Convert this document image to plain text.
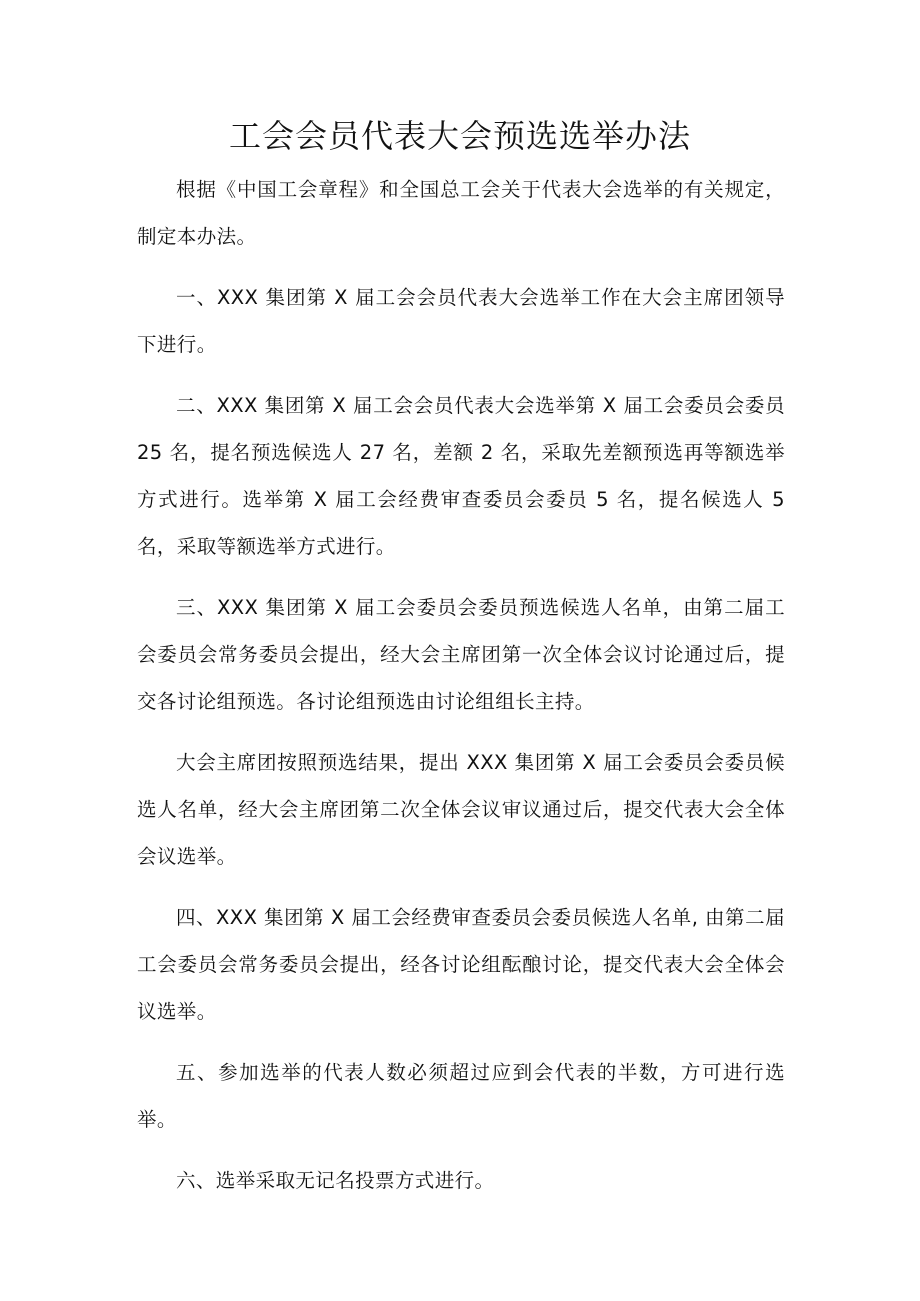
工会会员代表大会预选选举办法

根据《中国工会章程》和全国总工会关于代表大会选举的有关规定，制定本办法。

一、XXX 集团第 X 届工会会员代表大会选举工作在大会主席团领导下进行。

二、XXX 集团第 X 届工会会员代表大会选举第 X 届工会委员会委员 25 名，提名预选候选人 27 名，差额 2 名，采取先差额预选再等额选举方式进行。选举第 X 届工会经费审查委员会委员 5 名，提名候选人 5 名，采取等额选举方式进行。

三、XXX 集团第 X 届工会委员会委员预选候选人名单，由第二届工会委员会常务委员会提出，经大会主席团第一次全体会议讨论通过后，提交各讨论组预选。各讨论组预选由讨论组组长主持。

大会主席团按照预选结果，提出 XXX 集团第 X 届工会委员会委员候选人名单，经大会主席团第二次全体会议审议通过后，提交代表大会全体会议选举。

四、XXX 集团第 X 届工会经费审查委员会委员候选人名单, 由第二届工会委员会常务委员会提出，经各讨论组酝酿讨论，提交代表大会全体会议选举。

五、参加选举的代表人数必须超过应到会代表的半数，方可进行选举。

六、选举采取无记名投票方式进行。
